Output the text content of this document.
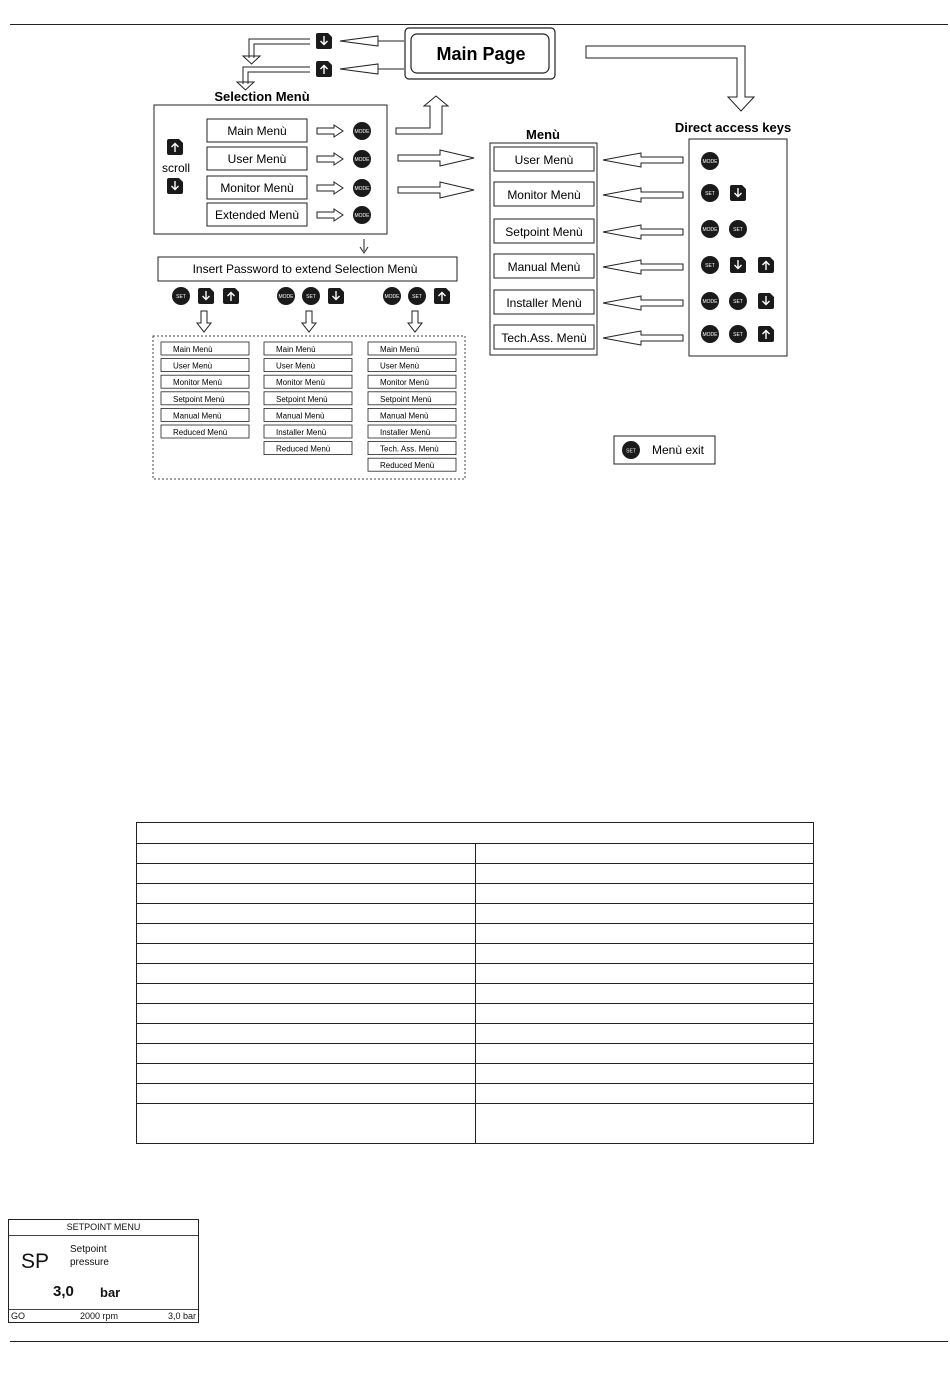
Main Page
Selection Menù
scroll
Main Menù	MODE
User Menù	MODE
Monitor Menù	MODE
Extended Menù	MODE
Menù
User Menù
Monitor Menù
Setpoint Menù
Manual Menù
Installer Menù
Tech.Ass. Menù
Direct access keys
MODE
SET
MODE	SET
SET
MODE	SET
MODE	SET
Insert Password to extend Selection Menù
SET	MODE	SET	MODE	SET
Main Menù
User Menù
Monitor Menù
Setpoint Menù
Manual Menù
Reduced Menù
Main Menù
User Menù
Monitor Menù
Setpoint Menù
Manual Menù
Installer Menù
Reduced Menù
Main Menù
User Menù
Monitor Menù
Setpoint Menù
Manual Menù
Installer Menù
Tech. Ass. Menù
Reduced Menù
SET Menù exit

SETPOINT MENU
SP
Setpoint
pressure
3,0 bar
GO	2000 rpm	3,0 bar
